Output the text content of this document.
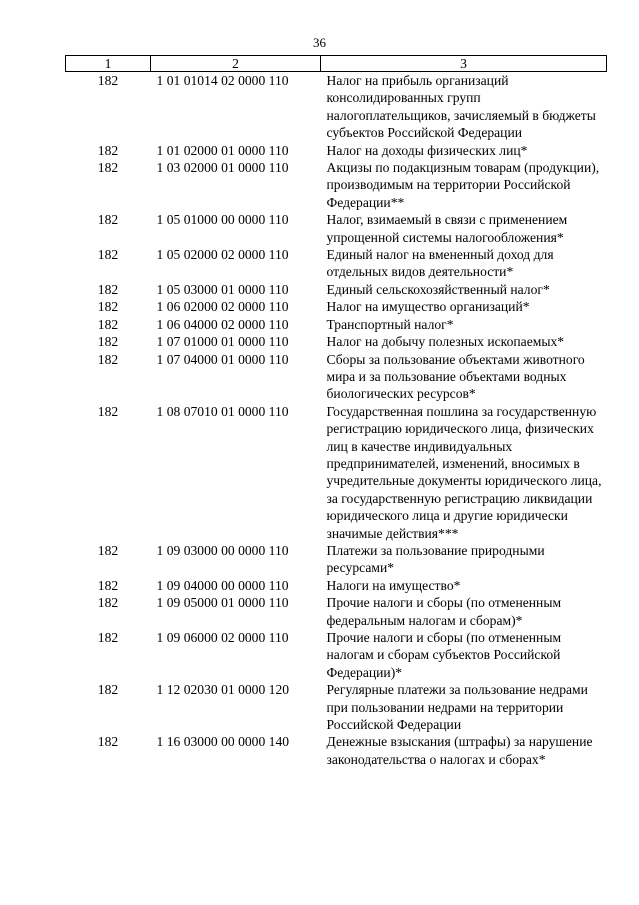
36
1	2	3
182	1 01 01014 02 0000 110	Налог на прибыль организаций консолидированных групп налогоплательщиков, зачисляемый в бюджеты субъектов Российской Федерации
182	1 01 02000 01 0000 110	Налог на доходы физических лиц*
182	1 03 02000 01 0000 110	Акцизы по подакцизным товарам (продукции), производимым на территории Российской Федерации**
182	1 05 01000 00 0000 110	Налог, взимаемый в связи с применением упрощенной системы налогообложения*
182	1 05 02000 02 0000 110	Единый налог на вмененный доход для отдельных видов деятельности*
182	1 05 03000 01 0000 110	Единый сельскохозяйственный налог*
182	1 06 02000 02 0000 110	Налог на имущество организаций*
182	1 06 04000 02 0000 110	Транспортный налог*
182	1 07 01000 01 0000 110	Налог на добычу полезных ископаемых*
182	1 07 04000 01 0000 110	Сборы за пользование объектами животного мира и за пользование объектами водных биологических ресурсов*
182	1 08 07010 01 0000 110	Государственная пошлина за государственную регистрацию юридического лица, физических лиц в качестве индивидуальных предпринимателей, изменений, вносимых в учредительные документы юридического лица, за государственную регистрацию ликвидации юридического лица и другие юридически значимые действия***
182	1 09 03000 00 0000 110	Платежи за пользование природными ресурсами*
182	1 09 04000 00 0000 110	Налоги на имущество*
182	1 09 05000 01 0000 110	Прочие налоги и сборы (по отмененным федеральным налогам и сборам)*
182	1 09 06000 02 0000 110	Прочие налоги и сборы (по отмененным налогам и сборам субъектов Российской Федерации)*
182	1 12 02030 01 0000 120	Регулярные платежи за пользование недрами при пользовании недрами на территории Российской Федерации
182	1 16 03000 00 0000 140	Денежные взыскания (штрафы) за нарушение законодательства о налогах и сборах*
